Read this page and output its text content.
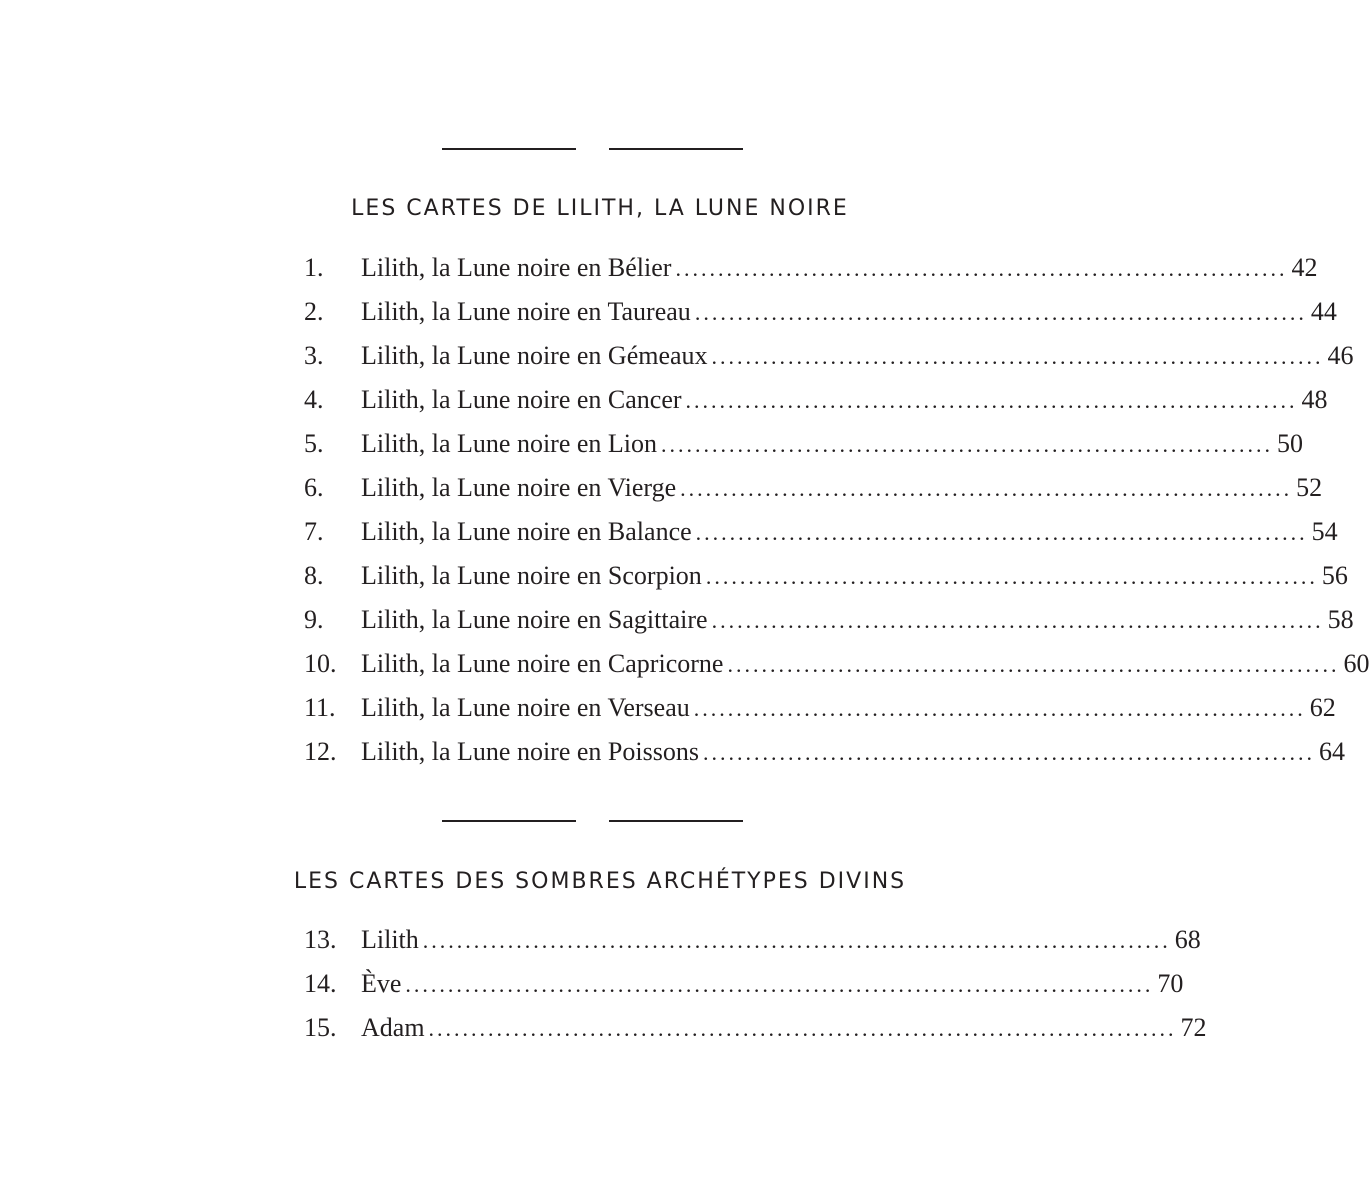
LES CARTES DE LILITH, LA LUNE NOIRE
1.	Lilith, la Lune noire en Bélier ........................................................................ 42
2.	Lilith, la Lune noire en Taureau ........................................................................ 44
3.	Lilith, la Lune noire en Gémeaux ........................................................................ 46
4.	Lilith, la Lune noire en Cancer ........................................................................ 48
5.	Lilith, la Lune noire en Lion ........................................................................ 50
6.	Lilith, la Lune noire en Vierge ........................................................................ 52
7.	Lilith, la Lune noire en Balance ........................................................................ 54
8.	Lilith, la Lune noire en Scorpion ........................................................................ 56
9.	Lilith, la Lune noire en Sagittaire ........................................................................ 58
10. Lilith, la Lune noire en Capricorne ........................................................................ 60
11. Lilith, la Lune noire en Verseau ........................................................................ 62
12. Lilith, la Lune noire en Poissons ........................................................................ 64
LES CARTES DES SOMBRES ARCHÉTYPES DIVINS
13. Lilith ........................................................................................ 68
14. Ève ........................................................................................ 70
15. Adam ........................................................................................ 72
